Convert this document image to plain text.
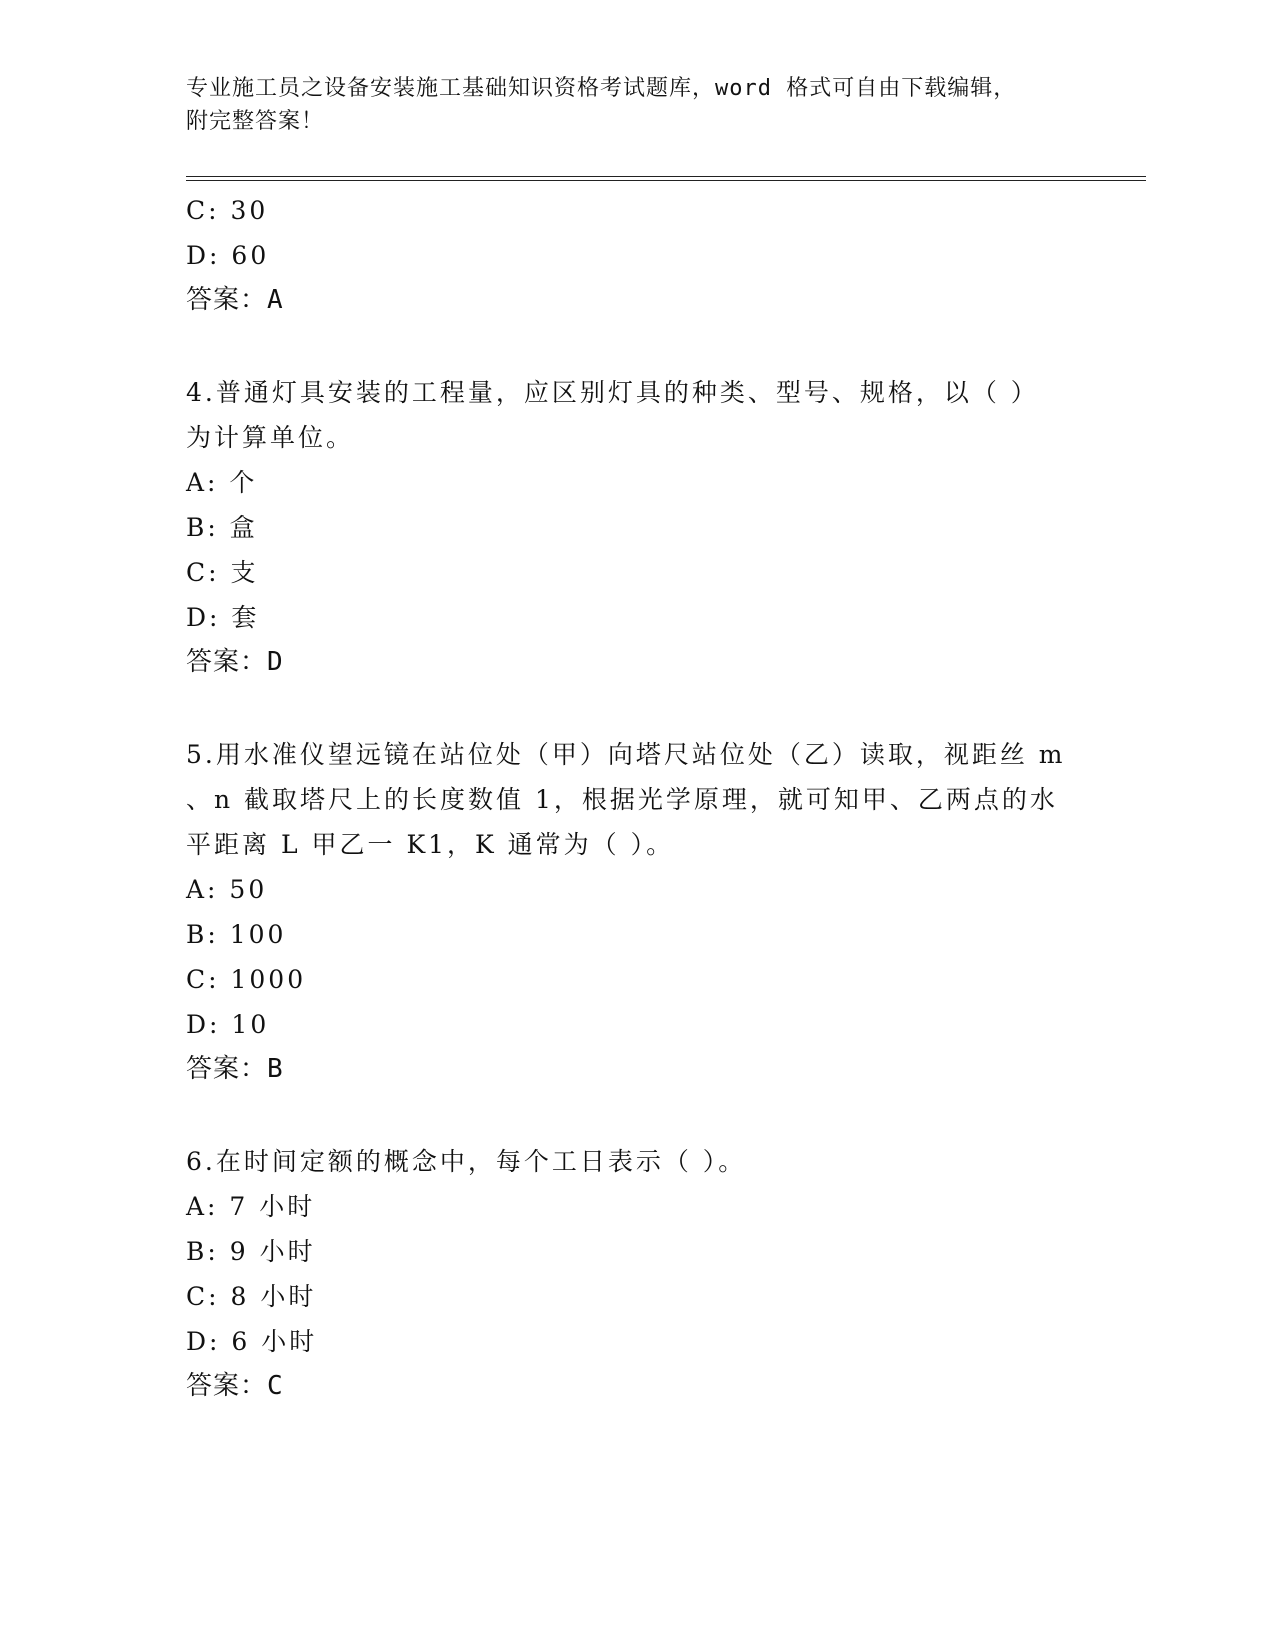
专业施工员之设备安装施工基础知识资格考试题库，word 格式可自由下载编辑，
附完整答案！
C: 30
D: 60
答案：A
4.普通灯具安装的工程量，应区别灯具的种类、型号、规格，以（ ）
为计算单位。
A: 个
B: 盒
C: 支
D: 套
答案：D
5.用水准仪望远镜在站位处（甲）向塔尺站位处（乙）读取，视距丝 m
、n 截取塔尺上的长度数值 1，根据光学原理，就可知甲、乙两点的水
平距离 L 甲乙一 K1，K 通常为（ ）。
A: 50
B: 100
C: 1000
D: 10
答案：B
6.在时间定额的概念中，每个工日表示（ ）。
A: 7 小时
B: 9 小时
C: 8 小时
D: 6 小时
答案：C
